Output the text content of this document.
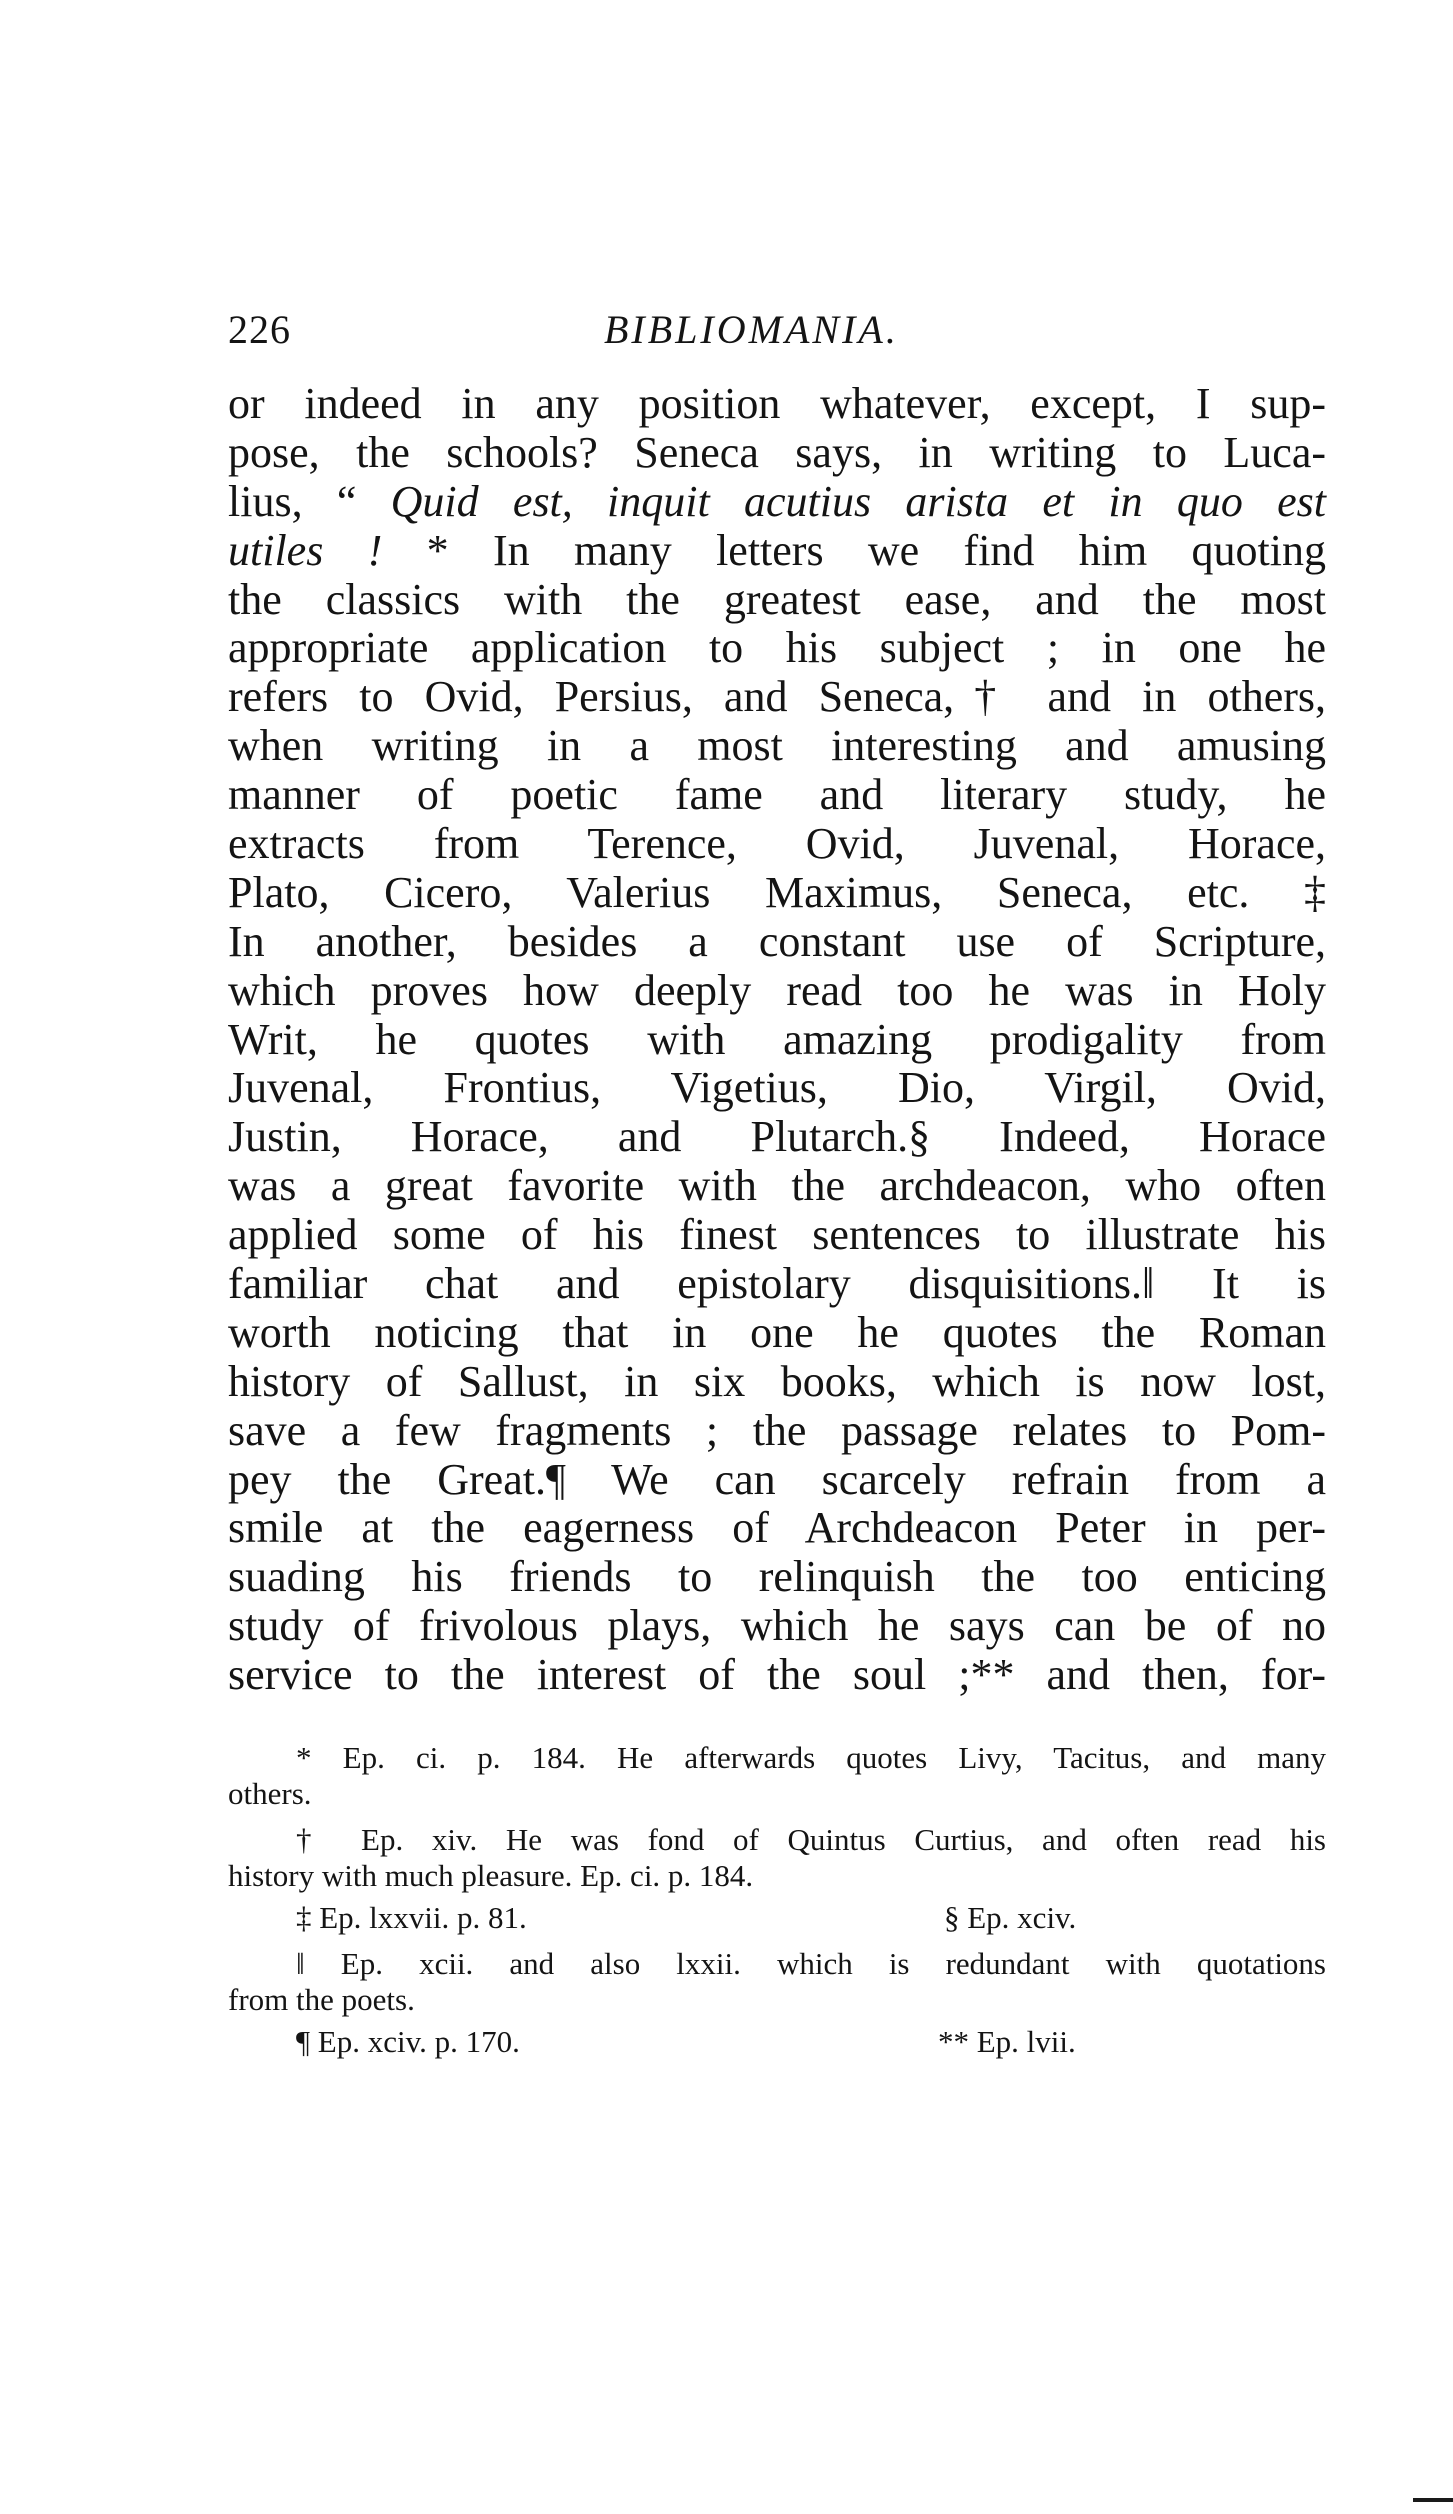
226	BIBLIOMANIA.
or indeed in any position whatever, except, I sup-
pose, the schools? Seneca says, in writing to Luca-
lius, “ Quid est, inquit acutius arista et in quo est
utiles ! * In many letters we find him quoting
the classics with the greatest ease, and the most
appropriate application to his subject ; in one he
refers to Ovid, Persius, and Seneca,† and in others,
when writing in a most interesting and amusing
manner of poetic fame and literary study, he
extracts from Terence, Ovid, Juvenal, Horace,
Plato, Cicero, Valerius Maximus, Seneca, etc. ‡
In another, besides a constant use of Scripture,
which proves how deeply read too he was in Holy
Writ, he quotes with amazing prodigality from
Juvenal, Frontius, Vigetius, Dio, Virgil, Ovid,
Justin, Horace, and Plutarch.§ Indeed, Horace
was a great favorite with the archdeacon, who often
applied some of his finest sentences to illustrate his
familiar chat and epistolary disquisitions.‖ It is
worth noticing that in one he quotes the Roman
history of Sallust, in six books, which is now lost,
save a few fragments ; the passage relates to Pom-
pey the Great.¶ We can scarcely refrain from a
smile at the eagerness of Archdeacon Peter in per-
suading his friends to relinquish the too enticing
study of frivolous plays, which he says can be of no
service to the interest of the soul ;** and then, for-
* Ep. ci. p. 184. He afterwards quotes Livy, Tacitus, and many
others.
† Ep. xiv. He was fond of Quintus Curtius, and often read his
history with much pleasure. Ep. ci. p. 184.
‡ Ep. lxxvii. p. 81.	§ Ep. xciv.
‖ Ep. xcii. and also lxxii. which is redundant with quotations
from the poets.
¶ Ep. xciv. p. 170.	** Ep. lvii.
